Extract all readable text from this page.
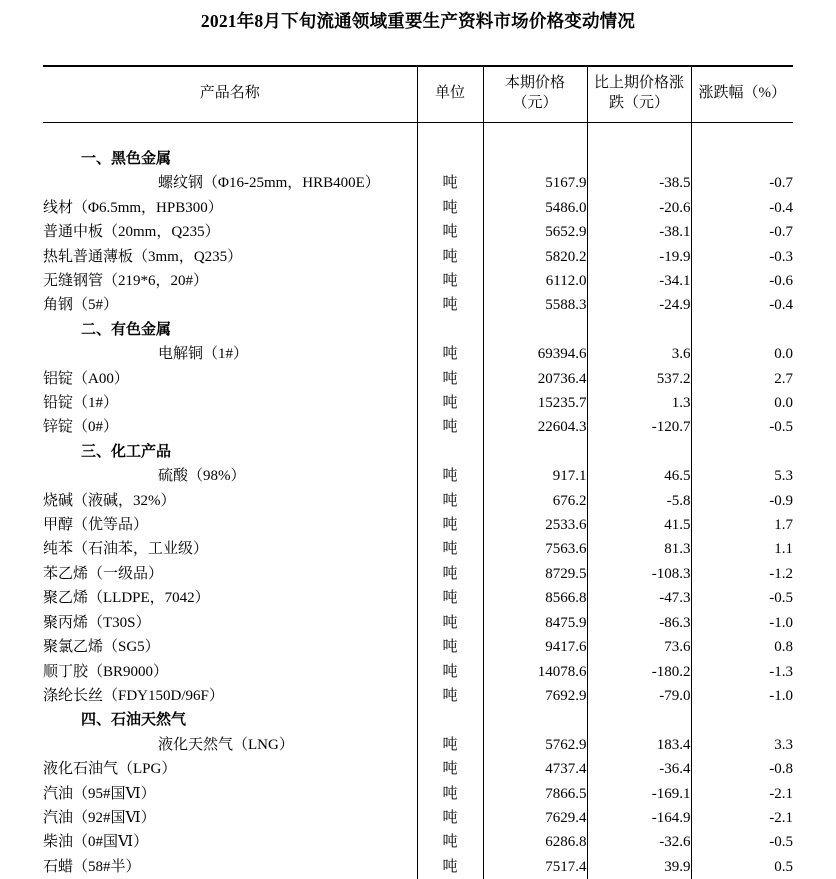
2021年8月下旬流通领域重要生产资料市场价格变动情况
产品名称	单位	本期价格（元）	比上期价格涨跌（元）	涨跌幅（%）

一、黑色金属				
螺纹钢（Φ16-25mm，HRB400E）	吨	5167.9	-38.5	-0.7
线材（Φ6.5mm，HPB300）	吨	5486.0	-20.6	-0.4
普通中板（20mm，Q235）	吨	5652.9	-38.1	-0.7
热轧普通薄板（3mm，Q235）	吨	5820.2	-19.9	-0.3
无缝钢管（219*6，20#）	吨	6112.0	-34.1	-0.6
角钢（5#）	吨	5588.3	-24.9	-0.4
二、有色金属				
电解铜（1#）	吨	69394.6	3.6	0.0
铝锭（A00）	吨	20736.4	537.2	2.7
铅锭（1#）	吨	15235.7	1.3	0.0
锌锭（0#）	吨	22604.3	-120.7	-0.5
三、化工产品				
硫酸（98%）	吨	917.1	46.5	5.3
烧碱（液碱，32%）	吨	676.2	-5.8	-0.9
甲醇（优等品）	吨	2533.6	41.5	1.7
纯苯（石油苯，工业级）	吨	7563.6	81.3	1.1
苯乙烯（一级品）	吨	8729.5	-108.3	-1.2
聚乙烯（LLDPE，7042）	吨	8566.8	-47.3	-0.5
聚丙烯（T30S）	吨	8475.9	-86.3	-1.0
聚氯乙烯（SG5）	吨	9417.6	73.6	0.8
顺丁胶（BR9000）	吨	14078.6	-180.2	-1.3
涤纶长丝（FDY150D/96F）	吨	7692.9	-79.0	-1.0
四、石油天然气				
液化天然气（LNG）	吨	5762.9	183.4	3.3
液化石油气（LPG）	吨	4737.4	-36.4	-0.8
汽油（95#国Ⅵ）	吨	7866.5	-169.1	-2.1
汽油（92#国Ⅵ）	吨	7629.4	-164.9	-2.1
柴油（0#国Ⅵ）	吨	6286.8	-32.6	-0.5
石蜡（58#半）	吨	7517.4	39.9	0.5
